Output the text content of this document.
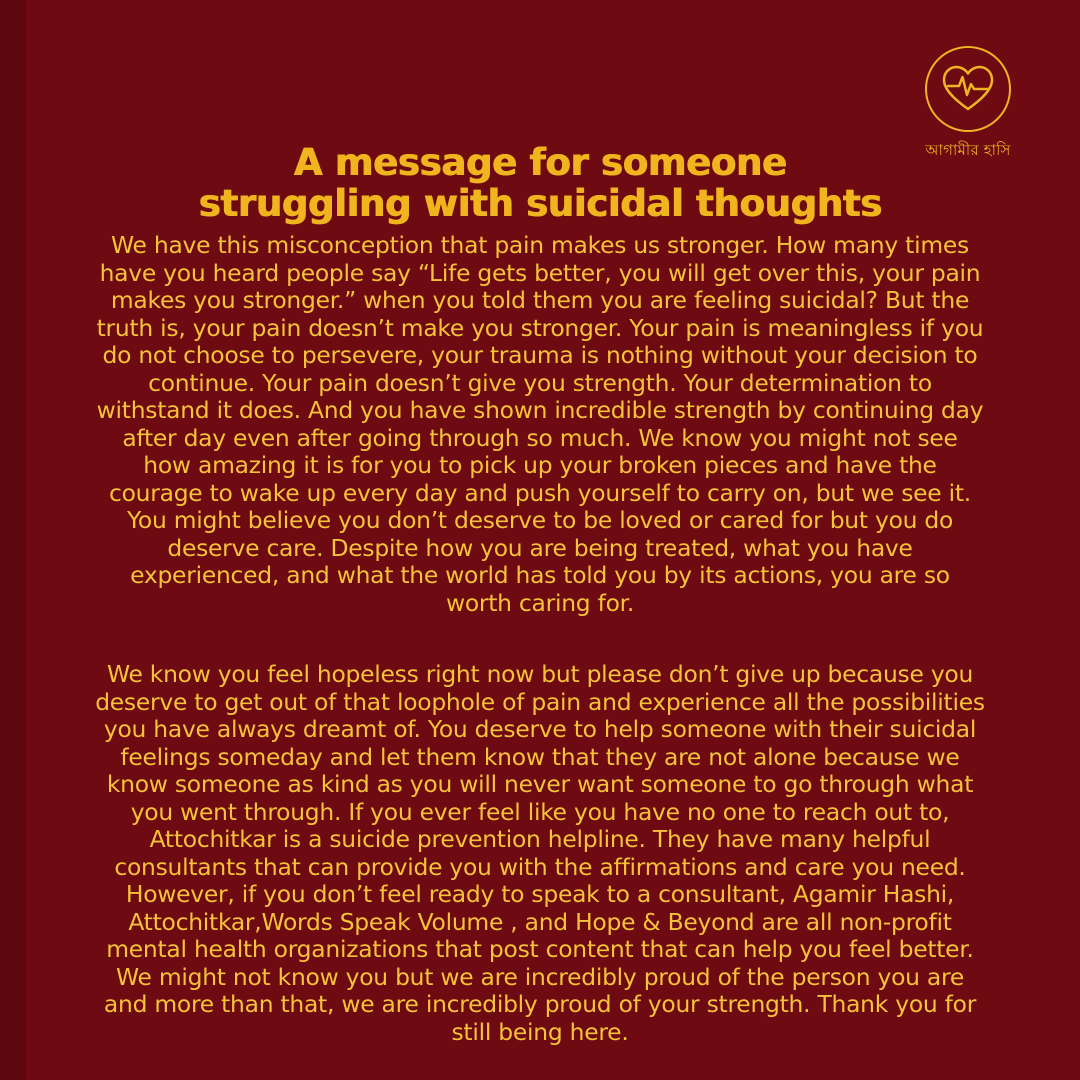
আগামীর হাসি
A message for someone
struggling with suicidal thoughts

We have this misconception that pain makes us stronger. How many times have you heard people say “Life gets better, you will get over this, your pain makes you stronger.” when you told them you are feeling suicidal? But the truth is, your pain doesn’t make you stronger. Your pain is meaningless if you do not choose to persevere, your trauma is nothing without your decision to continue. Your pain doesn’t give you strength. Your determination to withstand it does. And you have shown incredible strength by continuing day after day even after going through so much. We know you might not see how amazing it is for you to pick up your broken pieces and have the courage to wake up every day and push yourself to carry on, but we see it. You might believe you don’t deserve to be loved or cared for but you do deserve care. Despite how you are being treated, what you have experienced, and what the world has told you by its actions, you are so worth caring for.

We know you feel hopeless right now but please don’t give up because you deserve to get out of that loophole of pain and experience all the possibilities you have always dreamt of. You deserve to help someone with their suicidal feelings someday and let them know that they are not alone because we know someone as kind as you will never want someone to go through what you went through. If you ever feel like you have no one to reach out to, Attochitkar is a suicide prevention helpline. They have many helpful consultants that can provide you with the affirmations and care you need. However, if you don’t feel ready to speak to a consultant, Agamir Hashi, Attochitkar,Words Speak Volume , and Hope & Beyond are all non-profit mental health organizations that post content that can help you feel better. We might not know you but we are incredibly proud of the person you are and more than that, we are incredibly proud of your strength. Thank you for still being here.
